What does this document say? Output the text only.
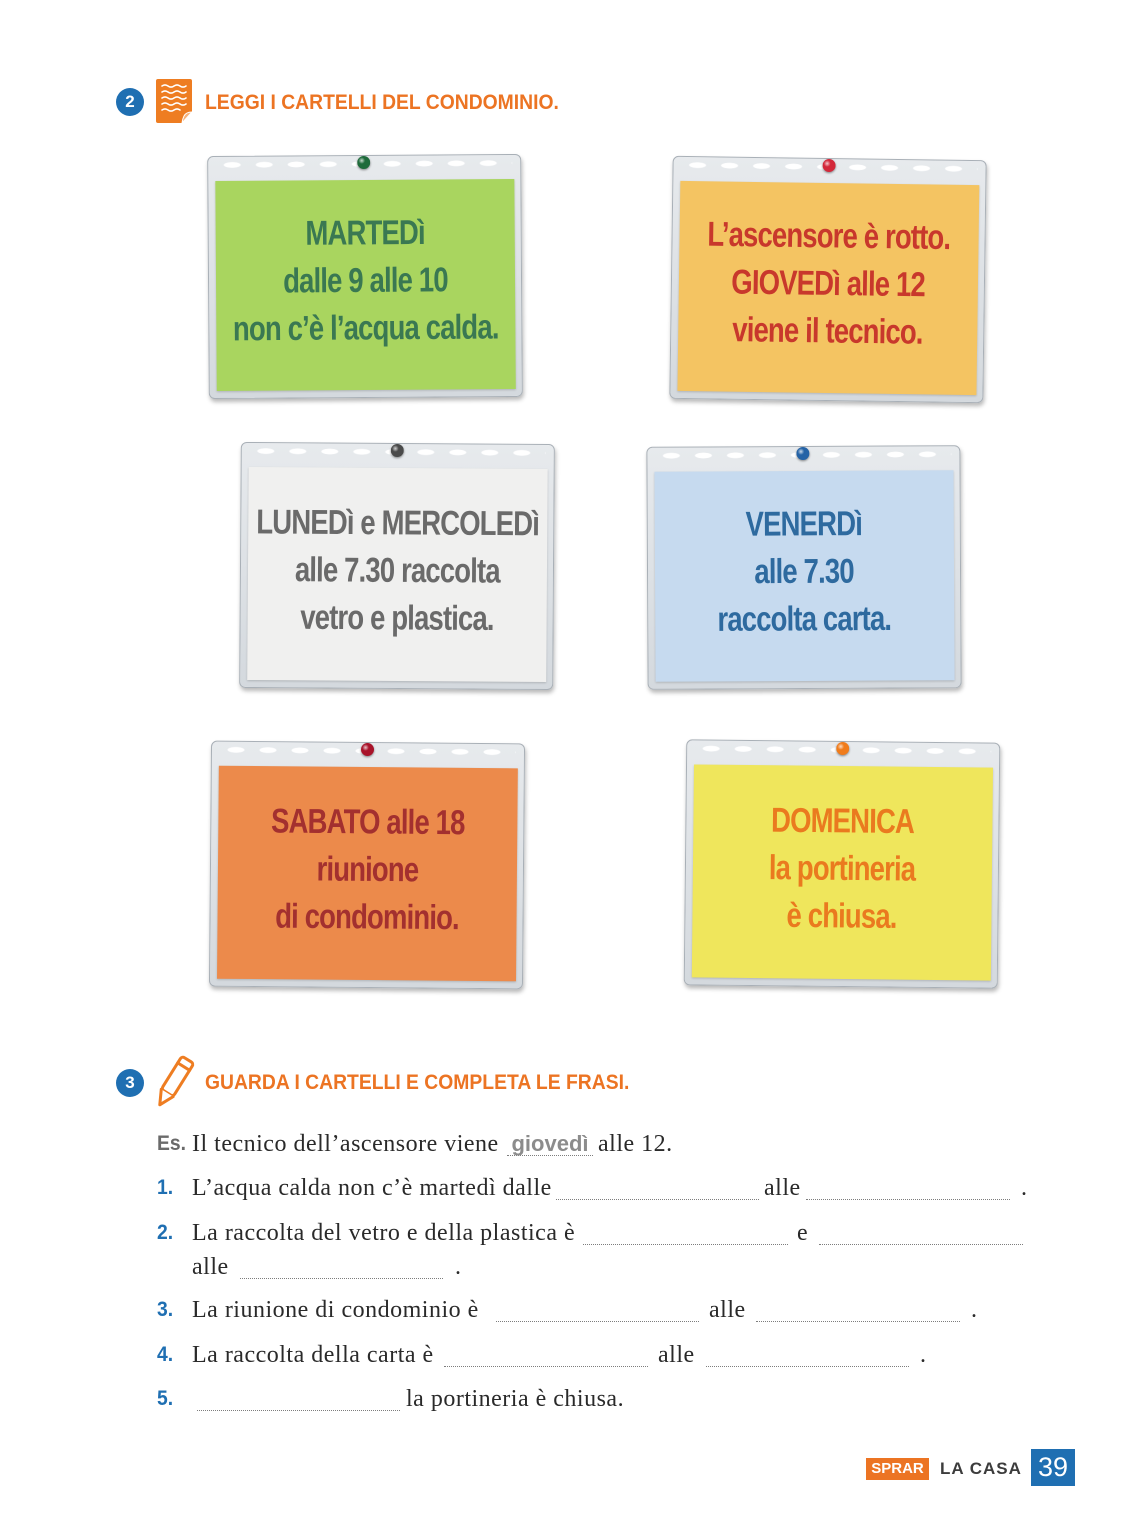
2	LEGGI I CARTELLI DEL CONDOMINIO.
MARTEDì
dalle 9 alle 10
non c’è l’acqua calda.
L’ascensore è rotto.
GIOVEDì alle 12
viene il tecnico.
LUNEDì e MERCOLEDì
alle 7.30 raccolta
vetro e plastica.
VENERDì
alle 7.30
raccolta carta.
SABATO alle 18
riunione
di condominio.
DOMENICA
la portineria
è chiusa.
3	GUARDA I CARTELLI E COMPLETA LE FRASI.
Es. Il tecnico dell’ascensore viene giovedì alle 12.
1. L’acqua calda non c’è martedì dalle	alle	.
2. La raccolta del vetro e della plastica è	e
alle	.
3. La riunione di condominio è	alle	.
4. La raccolta della carta è	alle	.
5.	la portineria è chiusa.
SPRAR LA CASA 39
